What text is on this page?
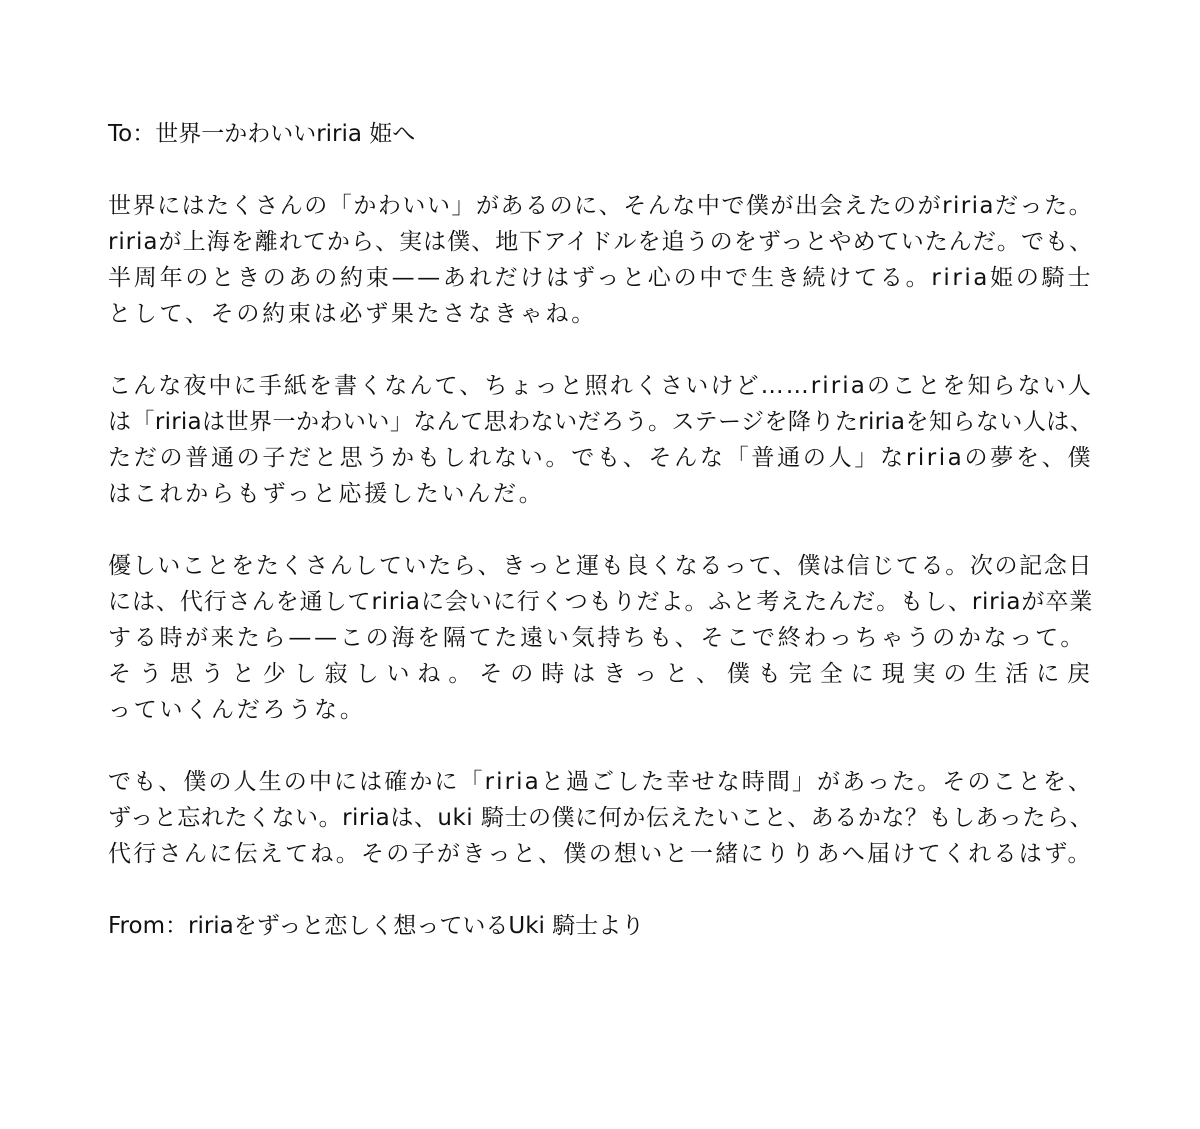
To：世界一かわいいriria 姫へ

世界にはたくさんの「かわいい」があるのに、そんな中で僕が出会えたのがririaだった。
ririaが上海を離れてから、実は僕、地下アイドルを追うのをずっとやめていたんだ。でも、
半周年のときのあの約束——あれだけはずっと心の中で生き続けてる。riria姫の騎士
として、その約束は必ず果たさなきゃね。
こんな夜中に手紙を書くなんて、ちょっと照れくさいけど……ririaのことを知らない人
は「ririaは世界一かわいい」なんて思わないだろう。ステージを降りたririaを知らない人は、
ただの普通の子だと思うかもしれない。でも、そんな「普通の人」なririaの夢を、僕
はこれからもずっと応援したいんだ。
優しいことをたくさんしていたら、きっと運も良くなるって、僕は信じてる。次の記念日
には、代行さんを通してririaに会いに行くつもりだよ。ふと考えたんだ。もし、ririaが卒業
する時が来たら——この海を隔てた遠い気持ちも、そこで終わっちゃうのかなって。
そう思うと少し寂しいね。その時はきっと、僕も完全に現実の生活に戻
っていくんだろうな。
でも、僕の人生の中には確かに「ririaと過ごした幸せな時間」があった。そのことを、
ずっと忘れたくない。ririaは、uki 騎士の僕に何か伝えたいこと、あるかな？もしあったら、
代行さんに伝えてね。その子がきっと、僕の想いと一緒にりりあへ届けてくれるはず。

From：ririaをずっと恋しく想っているUki 騎士より
